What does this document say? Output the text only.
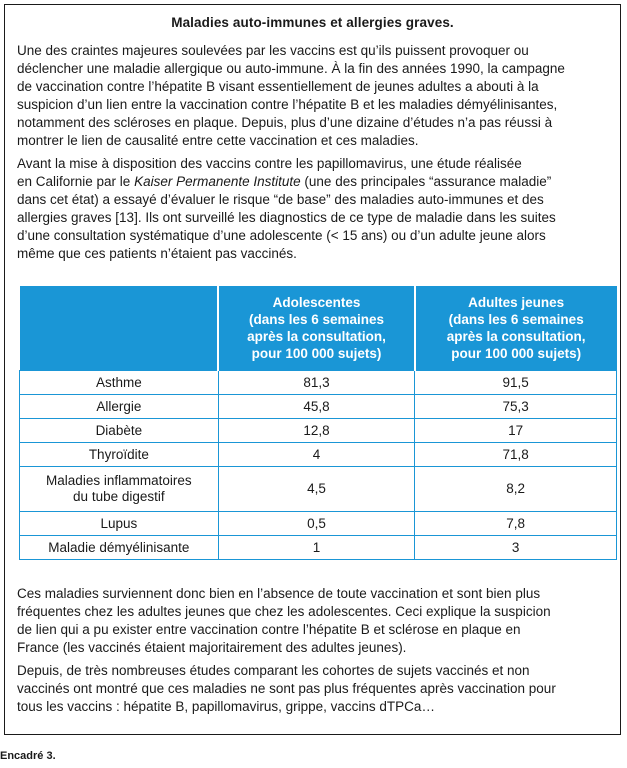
Maladies auto-immunes et allergies graves.

Une des craintes majeures soulevées par les vaccins est qu’ils puissent provoquer ou
déclencher une maladie allergique ou auto-immune. À la fin des années 1990, la campagne
de vaccination contre l’hépatite B visant essentiellement de jeunes adultes a abouti à la
suspicion d’un lien entre la vaccination contre l’hépatite B et les maladies démyélinisantes,
notamment des scléroses en plaque. Depuis, plus d’une dizaine d’études n’a pas réussi à
montrer le lien de causalité entre cette vaccination et ces maladies.

Avant la mise à disposition des vaccins contre les papillomavirus, une étude réalisée
en Californie par le Kaiser Permanente Institute (une des principales “assurance maladie”
dans cet état) a essayé d’évaluer le risque “de base” des maladies auto-immunes et des
allergies graves [13]. Ils ont surveillé les diagnostics de ce type de maladie dans les suites
d’une consultation systématique d’une adolescente (< 15 ans) ou d’un adulte jeune alors
même que ces patients n’étaient pas vaccinés.

	Adolescentes
(dans les 6 semaines
après la consultation,
pour 100 000 sujets)	Adultes jeunes
(dans les 6 semaines
après la consultation,
pour 100 000 sujets)

Asthme	81,3	91,5

Allergie	45,8	75,3

Diabète	12,8	17

Thyroïdite	4	71,8

Maladies inflammatoires
du tube digestif	4,5	8,2

Lupus	0,5	7,8

Maladie démyélinisante	1	3

Ces maladies surviennent donc bien en l’absence de toute vaccination et sont bien plus
fréquentes chez les adultes jeunes que chez les adolescentes. Ceci explique la suspicion
de lien qui a pu exister entre vaccination contre l’hépatite B et sclérose en plaque en
France (les vaccinés étaient majoritairement des adultes jeunes).

Depuis, de très nombreuses études comparant les cohortes de sujets vaccinés et non
vaccinés ont montré que ces maladies ne sont pas plus fréquentes après vaccination pour
tous les vaccins : hépatite B, papillomavirus, grippe, vaccins dTPCa…

Encadré 3.
